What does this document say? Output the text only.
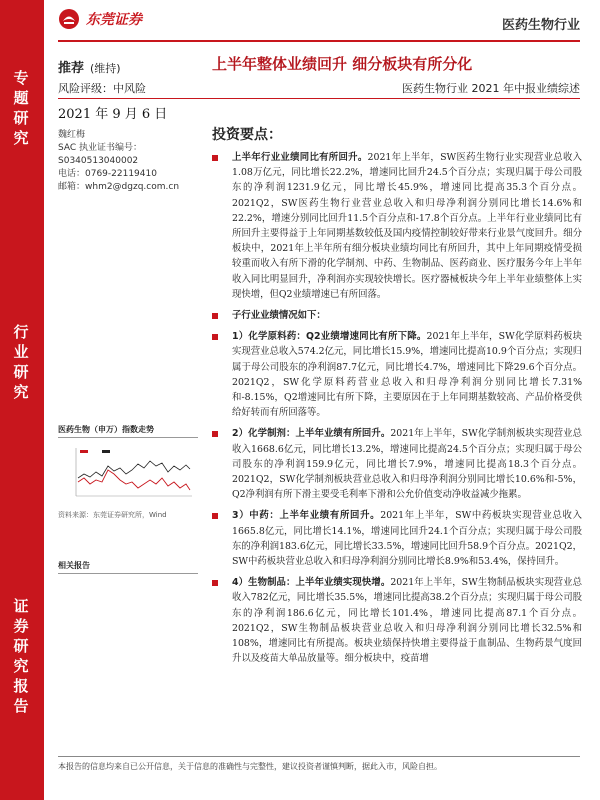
专
题
研
究
行
业
研
究
证
券
研
究
报
告
东莞证券	医药生物行业
推荐 (维持)	上半年整体业绩回升 细分板块有所分化
风险评级：中风险	医药生物行业 2021 年中报业绩综述
2021 年 9 月 6 日
魏红梅
SAC 执业证书编号：
S0340513040002
电话：0769-22119410
邮箱：whm2@dgzq.com.cn
医药生物（申万）指数走势
资料来源：东莞证券研究所，Wind
相关报告
投资要点：
上半年行业业绩同比有所回升。2021年上半年，SW医药生物行业实现营业总收入1.08万亿元，同比增长22.2%，增速同比回升24.5个百分点；实现归属于母公司股东的净利润1231.9亿元，同比增长45.9%，增速同比提高35.3个百分点。2021Q2，SW医药生物行业营业总收入和归母净利润分别同比增长14.6%和22.2%，增速分别同比回升11.5个百分点和-17.8个百分点。上半年行业业绩同比有所回升主要得益于上年同期基数较低及国内疫情控制较好带来行业景气度回升。细分板块中，2021年上半年所有细分板块业绩均同比有所回升，其中上年同期疫情受损较重而收入有所下滑的化学制剂、中药、生物制品、医药商业、医疗服务今年上半年收入同比明显回升，净利润亦实现较快增长。医疗器械板块今年上半年业绩整体上实现快增，但Q2业绩增速已有所回落。
子行业业绩情况如下：
1）化学原料药：Q2业绩增速同比有所下降。2021年上半年，SW化学原料药板块实现营业总收入574.2亿元，同比增长15.9%，增速同比提高10.9个百分点；实现归属于母公司股东的净利润87.7亿元，同比增长4.7%，增速同比下降29.6个百分点。2021Q2，SW化学原料药营业总收入和归母净利润分别同比增长7.31%和-8.15%，Q2增速同比有所下降，主要原因在于上年同期基数较高、产品价格受供给好转而有所回落等。
2）化学制剂：上半年业绩有所回升。2021年上半年，SW化学制剂板块实现营业总收入1668.6亿元，同比增长13.2%，增速同比提高24.5个百分点；实现归属于母公司股东的净利润159.9亿元，同比增长7.9%，增速同比提高18.3个百分点。2021Q2，SW化学制剂板块营业总收入和归母净利润分别同比增长10.6%和-5%，Q2净利润有所下滑主要受毛利率下滑和公允价值变动净收益减少拖累。
3）中药：上半年业绩有所回升。2021年上半年，SW中药板块实现营业总收入1665.8亿元，同比增长14.1%，增速同比回升24.1个百分点；实现归属于母公司股东的净利润183.6亿元，同比增长33.5%，增速同比回升58.9个百分点。2021Q2，SW中药板块营业总收入和归母净利润分别同比增长8.9%和53.4%，保持回升。
4）生物制品：上半年业绩实现快增。2021年上半年，SW生物制品板块实现营业总收入782亿元，同比增长35.5%，增速同比提高38.2个百分点；实现归属于母公司股东的净利润186.6亿元，同比增长101.4%，增速同比提高87.1个百分点。2021Q2，SW生物制品板块营业总收入和归母净利润分别同比增长32.5%和108%，增速同比有所提高。板块业绩保持快增主要得益于血制品、生物药景气度回升以及疫苗大单品放量等。细分板块中，疫苗增
本报告的信息均来自已公开信息，关于信息的准确性与完整性，建议投资者谨慎判断，据此入市，风险自担。
